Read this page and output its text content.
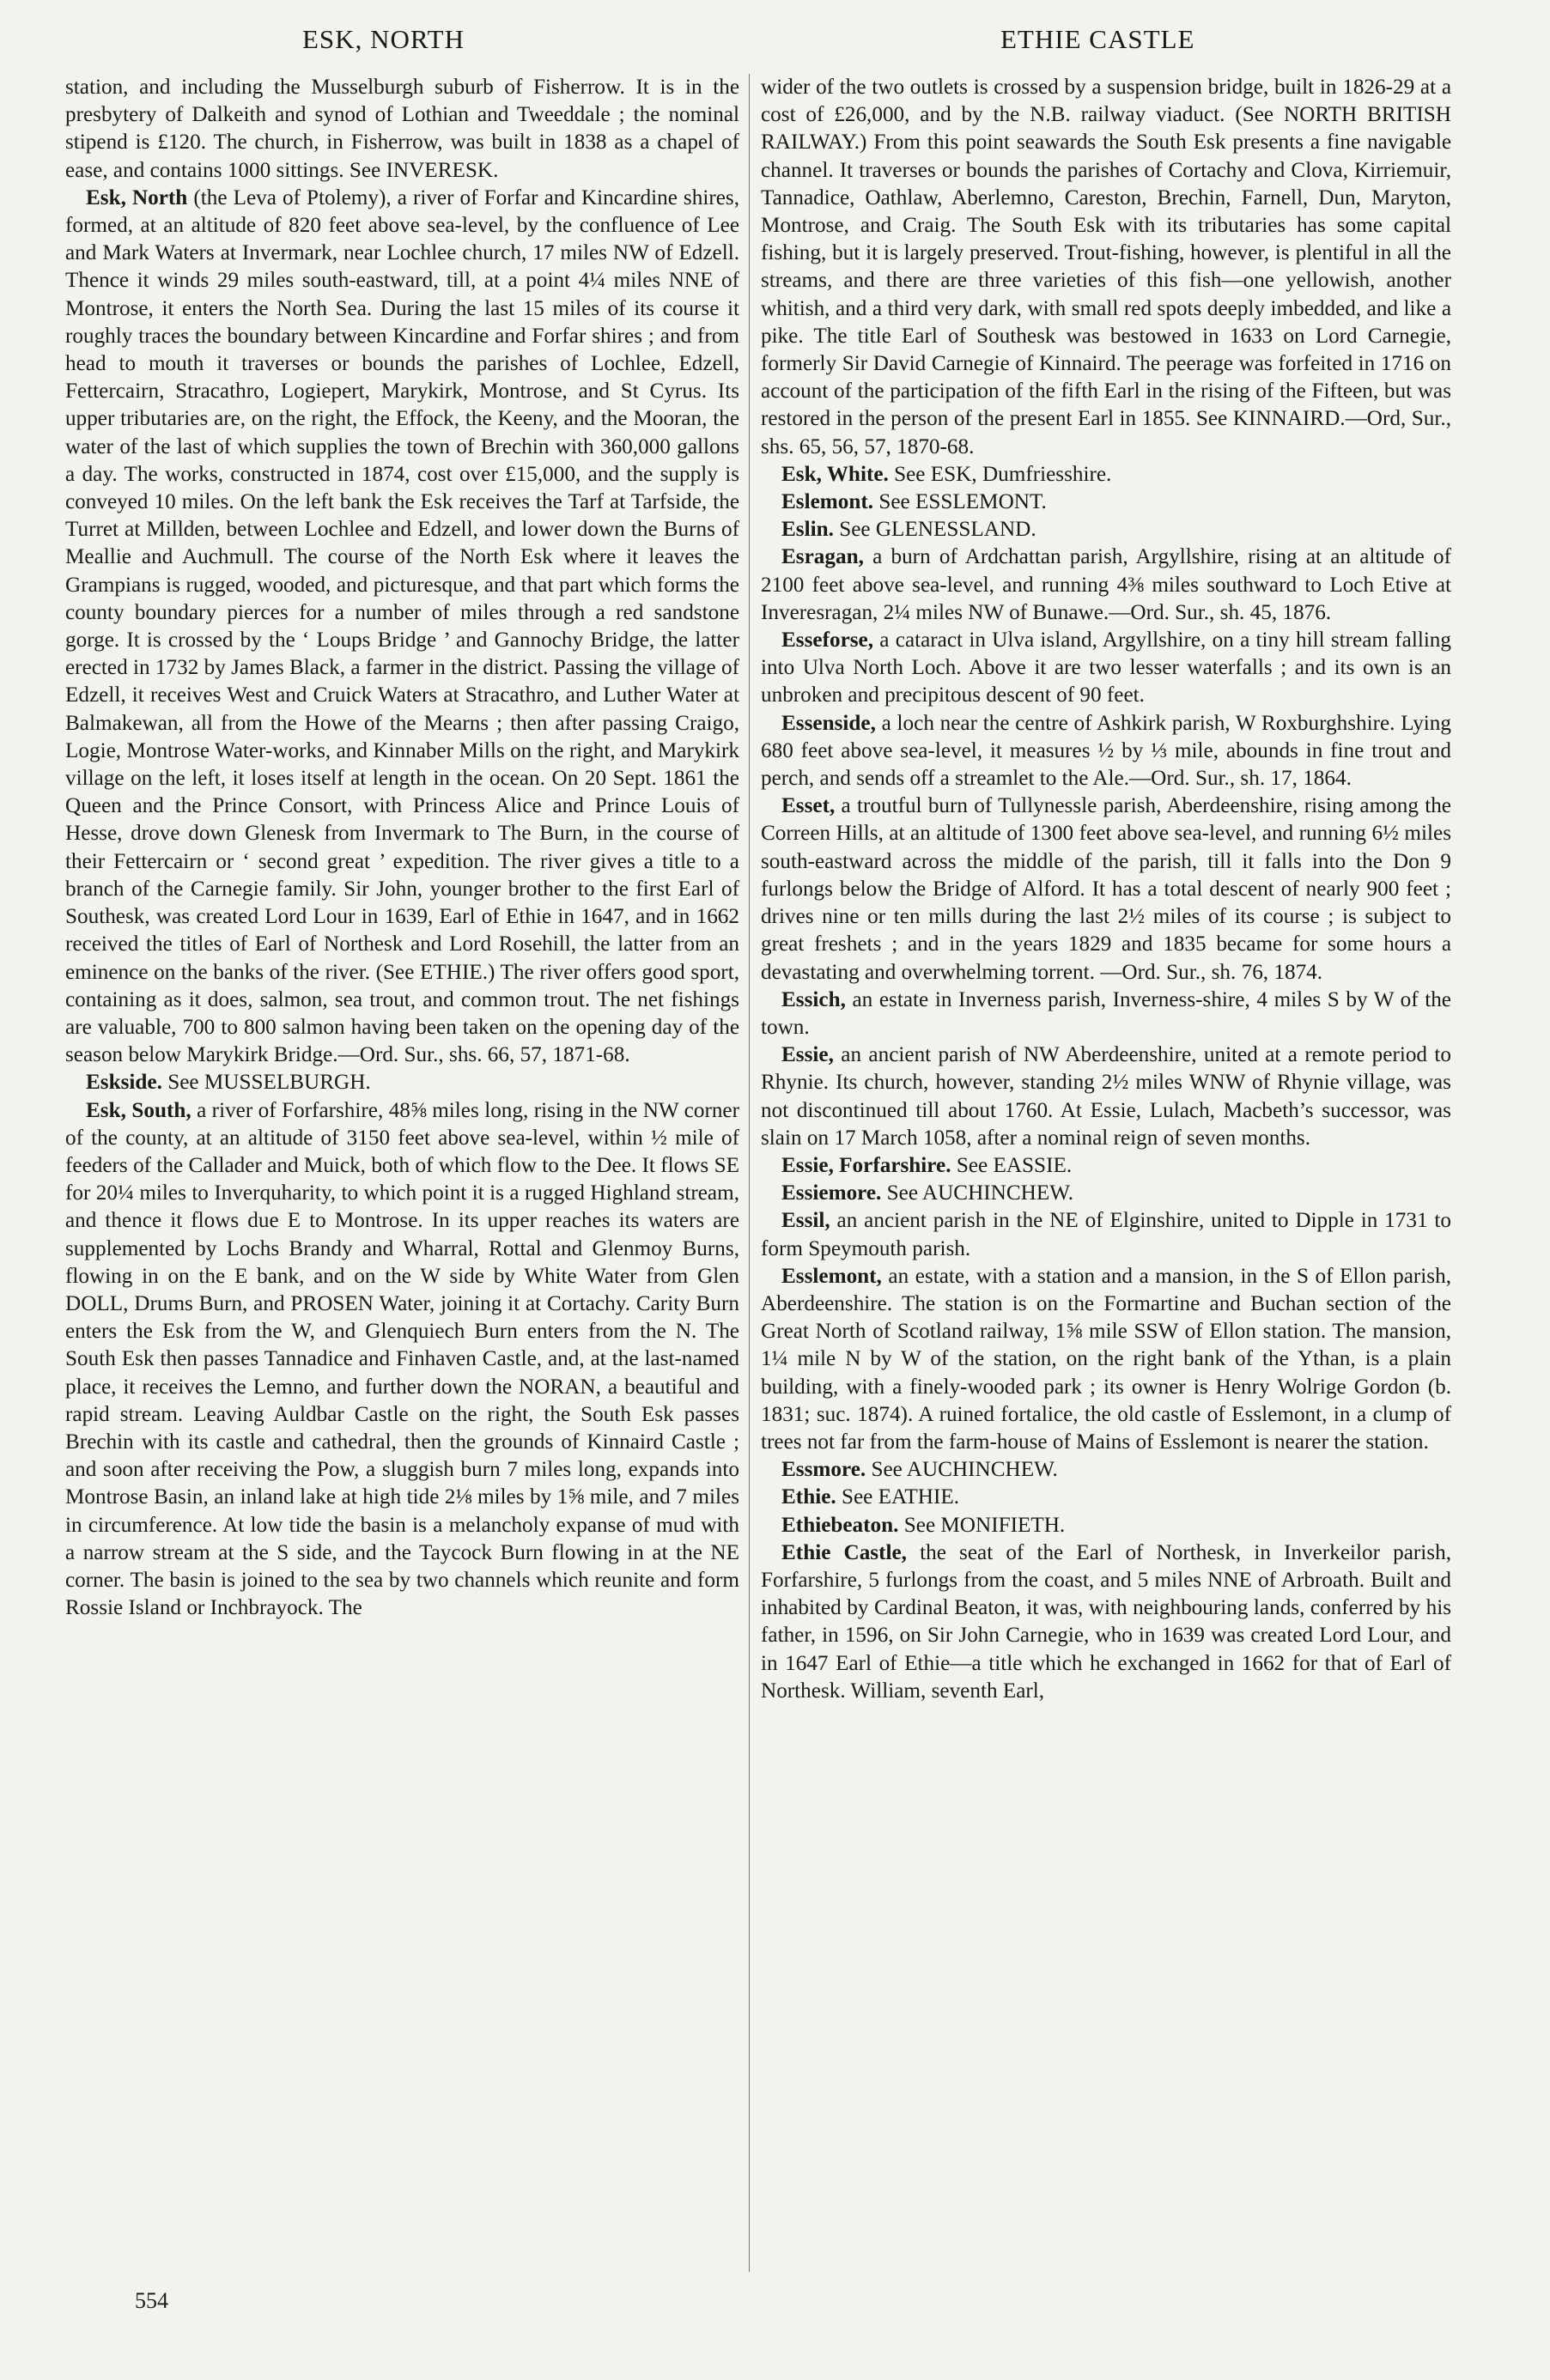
ESK, NORTH	ETHIE CASTLE

station, and including the Musselburgh suburb of Fisherrow. It is in the presbytery of Dalkeith and synod of Lothian and Tweeddale ; the nominal stipend is £120. The church, in Fisherrow, was built in 1838 as a chapel of ease, and contains 1000 sittings. See INVERESK.

Esk, North (the Leva of Ptolemy), a river of Forfar and Kincardine shires, formed, at an altitude of 820 feet above sea-level, by the confluence of Lee and Mark Waters at Invermark, near Lochlee church, 17 miles NW of Edzell. Thence it winds 29 miles south-eastward, till, at a point 4¼ miles NNE of Montrose, it enters the North Sea. During the last 15 miles of its course it roughly traces the boundary between Kincardine and Forfar shires ; and from head to mouth it traverses or bounds the parishes of Lochlee, Edzell, Fettercairn, Stracathro, Logiepert, Marykirk, Montrose, and St Cyrus. Its upper tributaries are, on the right, the Effock, the Keeny, and the Mooran, the water of the last of which supplies the town of Brechin with 360,000 gallons a day. The works, constructed in 1874, cost over £15,000, and the supply is conveyed 10 miles. On the left bank the Esk receives the Tarf at Tarfside, the Turret at Millden, between Lochlee and Edzell, and lower down the Burns of Meallie and Auchmull. The course of the North Esk where it leaves the Grampians is rugged, wooded, and picturesque, and that part which forms the county boundary pierces for a number of miles through a red sandstone gorge. It is crossed by the ‘ Loups Bridge ’ and Gannochy Bridge, the latter erected in 1732 by James Black, a farmer in the district. Passing the village of Edzell, it receives West and Cruick Waters at Stracathro, and Luther Water at Balmakewan, all from the Howe of the Mearns ; then after passing Craigo, Logie, Montrose Water-works, and Kinnaber Mills on the right, and Marykirk village on the left, it loses itself at length in the ocean. On 20 Sept. 1861 the Queen and the Prince Consort, with Princess Alice and Prince Louis of Hesse, drove down Glenesk from Invermark to The Burn, in the course of their Fettercairn or ‘ second great ’ expedition. The river gives a title to a branch of the Carnegie family. Sir John, younger brother to the first Earl of Southesk, was created Lord Lour in 1639, Earl of Ethie in 1647, and in 1662 received the titles of Earl of Northesk and Lord Rosehill, the latter from an eminence on the banks of the river. (See ETHIE.) The river offers good sport, containing as it does, salmon, sea trout, and common trout. The net fishings are valuable, 700 to 800 salmon having been taken on the opening day of the season below Marykirk Bridge.—Ord. Sur., shs. 66, 57, 1871-68.

Eskside. See MUSSELBURGH.

Esk, South, a river of Forfarshire, 48⅝ miles long, rising in the NW corner of the county, at an altitude of 3150 feet above sea-level, within ½ mile of feeders of the Callader and Muick, both of which flow to the Dee. It flows SE for 20¼ miles to Inverquharity, to which point it is a rugged Highland stream, and thence it flows due E to Montrose. In its upper reaches its waters are supplemented by Lochs Brandy and Wharral, Rottal and Glenmoy Burns, flowing in on the E bank, and on the W side by White Water from Glen DOLL, Drums Burn, and PROSEN Water, joining it at Cortachy. Carity Burn enters the Esk from the W, and Glenquiech Burn enters from the N. The South Esk then passes Tannadice and Finhaven Castle, and, at the last-named place, it receives the Lemno, and further down the NORAN, a beautiful and rapid stream. Leaving Auldbar Castle on the right, the South Esk passes Brechin with its castle and cathedral, then the grounds of Kinnaird Castle ; and soon after receiving the Pow, a sluggish burn 7 miles long, expands into Montrose Basin, an inland lake at high tide 2⅛ miles by 1⅝ mile, and 7 miles in circumference. At low tide the basin is a melancholy expanse of mud with a narrow stream at the S side, and the Taycock Burn flowing in at the NE corner. The basin is joined to the sea by two channels which reunite and form Rossie Island or Inchbrayock. The

wider of the two outlets is crossed by a suspension bridge, built in 1826-29 at a cost of £26,000, and by the N.B. railway viaduct. (See NORTH BRITISH RAILWAY.) From this point seawards the South Esk presents a fine navigable channel. It traverses or bounds the parishes of Cortachy and Clova, Kirriemuir, Tannadice, Oathlaw, Aberlemno, Careston, Brechin, Farnell, Dun, Maryton, Montrose, and Craig. The South Esk with its tributaries has some capital fishing, but it is largely preserved. Trout-fishing, however, is plentiful in all the streams, and there are three varieties of this fish—one yellowish, another whitish, and a third very dark, with small red spots deeply imbedded, and like a pike. The title Earl of Southesk was bestowed in 1633 on Lord Carnegie, formerly Sir David Carnegie of Kinnaird. The peerage was forfeited in 1716 on account of the participation of the fifth Earl in the rising of the Fifteen, but was restored in the person of the present Earl in 1855. See KINNAIRD.—Ord, Sur., shs. 65, 56, 57, 1870-68.

Esk, White. See ESK, Dumfriesshire.

Eslemont. See ESSLEMONT.

Eslin. See GLENESSLAND.

Esragan, a burn of Ardchattan parish, Argyllshire, rising at an altitude of 2100 feet above sea-level, and running 4⅜ miles southward to Loch Etive at Inveresragan, 2¼ miles NW of Bunawe.—Ord. Sur., sh. 45, 1876.

Esseforse, a cataract in Ulva island, Argyllshire, on a tiny hill stream falling into Ulva North Loch. Above it are two lesser waterfalls ; and its own is an unbroken and precipitous descent of 90 feet.

Essenside, a loch near the centre of Ashkirk parish, W Roxburghshire. Lying 680 feet above sea-level, it measures ½ by ⅓ mile, abounds in fine trout and perch, and sends off a streamlet to the Ale.—Ord. Sur., sh. 17, 1864.

Esset, a troutful burn of Tullynessle parish, Aberdeenshire, rising among the Correen Hills, at an altitude of 1300 feet above sea-level, and running 6½ miles south-eastward across the middle of the parish, till it falls into the Don 9 furlongs below the Bridge of Alford. It has a total descent of nearly 900 feet ; drives nine or ten mills during the last 2½ miles of its course ; is subject to great freshets ; and in the years 1829 and 1835 became for some hours a devastating and overwhelming torrent. —Ord. Sur., sh. 76, 1874.

Essich, an estate in Inverness parish, Inverness-shire, 4 miles S by W of the town.

Essie, an ancient parish of NW Aberdeenshire, united at a remote period to Rhynie. Its church, however, standing 2½ miles WNW of Rhynie village, was not discontinued till about 1760. At Essie, Lulach, Macbeth’s successor, was slain on 17 March 1058, after a nominal reign of seven months.

Essie, Forfarshire. See EASSIE.

Essiemore. See AUCHINCHEW.

Essil, an ancient parish in the NE of Elginshire, united to Dipple in 1731 to form Speymouth parish.

Esslemont, an estate, with a station and a mansion, in the S of Ellon parish, Aberdeenshire. The station is on the Formartine and Buchan section of the Great North of Scotland railway, 1⅝ mile SSW of Ellon station. The mansion, 1¼ mile N by W of the station, on the right bank of the Ythan, is a plain building, with a finely-wooded park ; its owner is Henry Wolrige Gordon (b. 1831; suc. 1874). A ruined fortalice, the old castle of Esslemont, in a clump of trees not far from the farm-house of Mains of Esslemont is nearer the station.

Essmore. See AUCHINCHEW.

Ethie. See EATHIE.

Ethiebeaton. See MONIFIETH.

Ethie Castle, the seat of the Earl of Northesk, in Inverkeilor parish, Forfarshire, 5 furlongs from the coast, and 5 miles NNE of Arbroath. Built and inhabited by Cardinal Beaton, it was, with neighbouring lands, conferred by his father, in 1596, on Sir John Carnegie, who in 1639 was created Lord Lour, and in 1647 Earl of Ethie—a title which he exchanged in 1662 for that of Earl of Northesk. William, seventh Earl,

554
